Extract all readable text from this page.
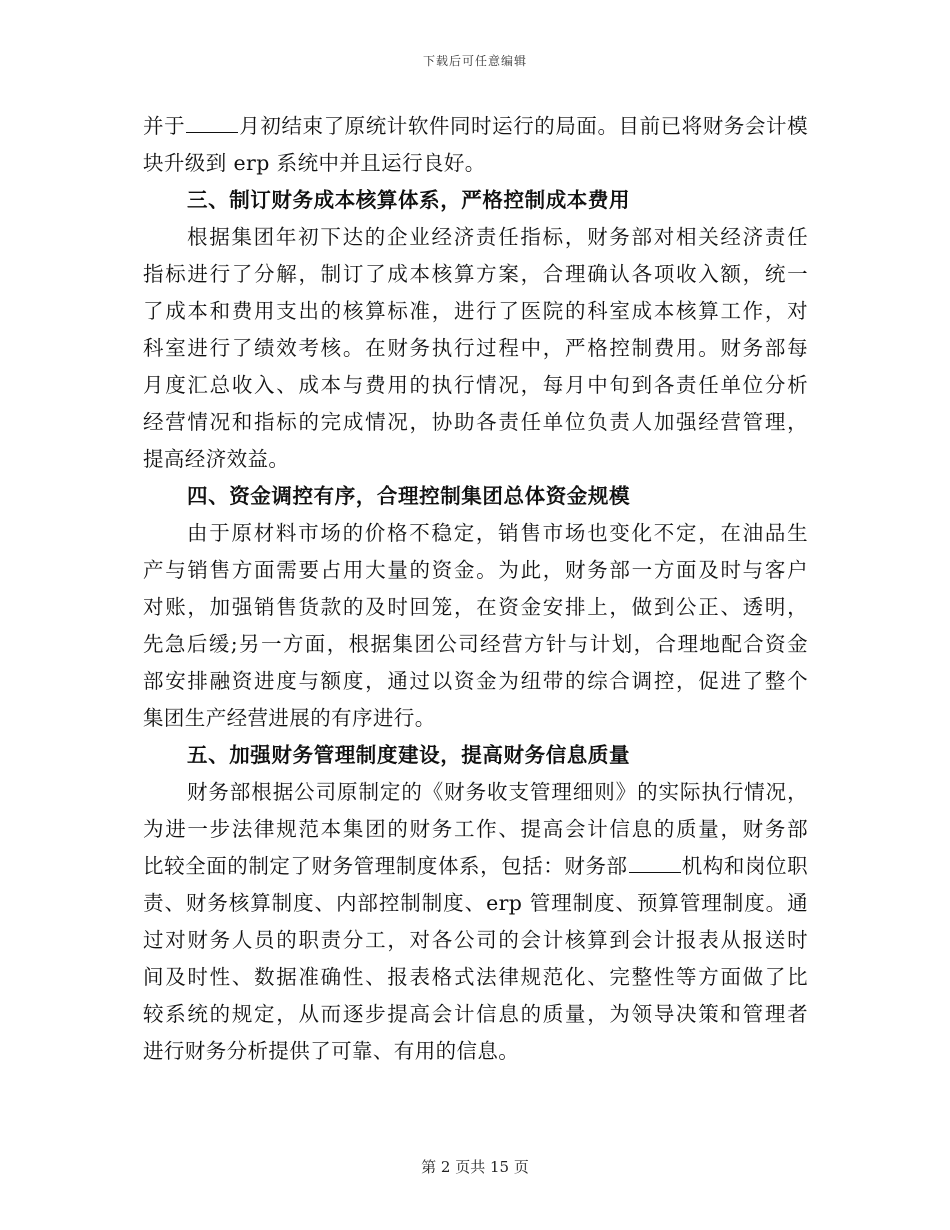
下载后可任意编辑
并于	月初结束了原统计软件同时运行的局面。目前已将财务会计模
块升级到 erp 系统中并且运行良好。
三、制订财务成本核算体系，严格控制成本费用
根据集团年初下达的企业经济责任指标，财务部对相关经济责任
指标进行了分解，制订了成本核算方案，合理确认各项收入额，统一
了成本和费用支出的核算标准，进行了医院的科室成本核算工作，对
科室进行了绩效考核。在财务执行过程中，严格控制费用。财务部每
月度汇总收入、成本与费用的执行情况，每月中旬到各责任单位分析
经营情况和指标的完成情况，协助各责任单位负责人加强经营管理，
提高经济效益。
四、资金调控有序，合理控制集团总体资金规模
由于原材料市场的价格不稳定，销售市场也变化不定，在油品生
产与销售方面需要占用大量的资金。为此，财务部一方面及时与客户
对账，加强销售货款的及时回笼，在资金安排上，做到公正、透明，
先急后缓;另一方面，根据集团公司经营方针与计划，合理地配合资金
部安排融资进度与额度，通过以资金为纽带的综合调控，促进了整个
集团生产经营进展的有序进行。
五、加强财务管理制度建设，提高财务信息质量
财务部根据公司原制定的《财务收支管理细则》的实际执行情况，
为进一步法律规范本集团的财务工作、提高会计信息的质量，财务部
比较全面的制定了财务管理制度体系，包括：财务部	机构和岗位职
责、财务核算制度、内部控制制度、erp 管理制度、预算管理制度。通
过对财务人员的职责分工，对各公司的会计核算到会计报表从报送时
间及时性、数据准确性、报表格式法律规范化、完整性等方面做了比
较系统的规定，从而逐步提高会计信息的质量，为领导决策和管理者
进行财务分析提供了可靠、有用的信息。
第 2 页共 15 页
